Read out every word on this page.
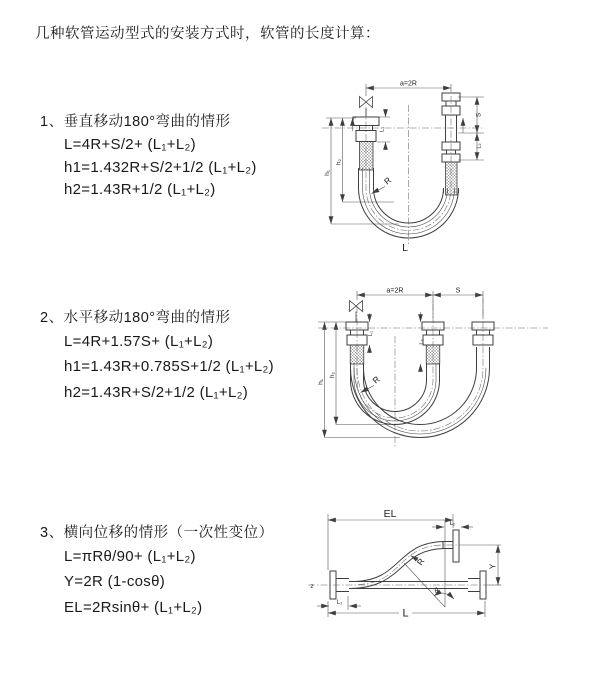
几种软管运动型式的安装方式时，软管的长度计算：
1、垂直移动180°弯曲的情形
L=4R+S/2+ (L₁+L₂)
h1=1.432R+S/2+1/2 (L₁+L₂)
h2=1.43R+1/2 (L₁+L₂)
2、水平移动180°弯曲的情形
L=4R+1.57S+ (L₁+L₂)
h1=1.43R+0.785S+1/2 (L₁+L₂)
h2=1.43R+S/2+1/2 (L₁+L₂)
3、横向位移的情形（一次性变位）
L=πRθ/90+ (L₁+L₂)
Y=2R (1-cosθ)
EL=2Rsinθ+ (L₁+L₂)
a=2R
L₁
S
L₂
h₁
h₂
R
L
a=2R	S
L₁
L₂
h₁
h₂	R
EL
L₂
Y
R
θ
L
L₁
z
